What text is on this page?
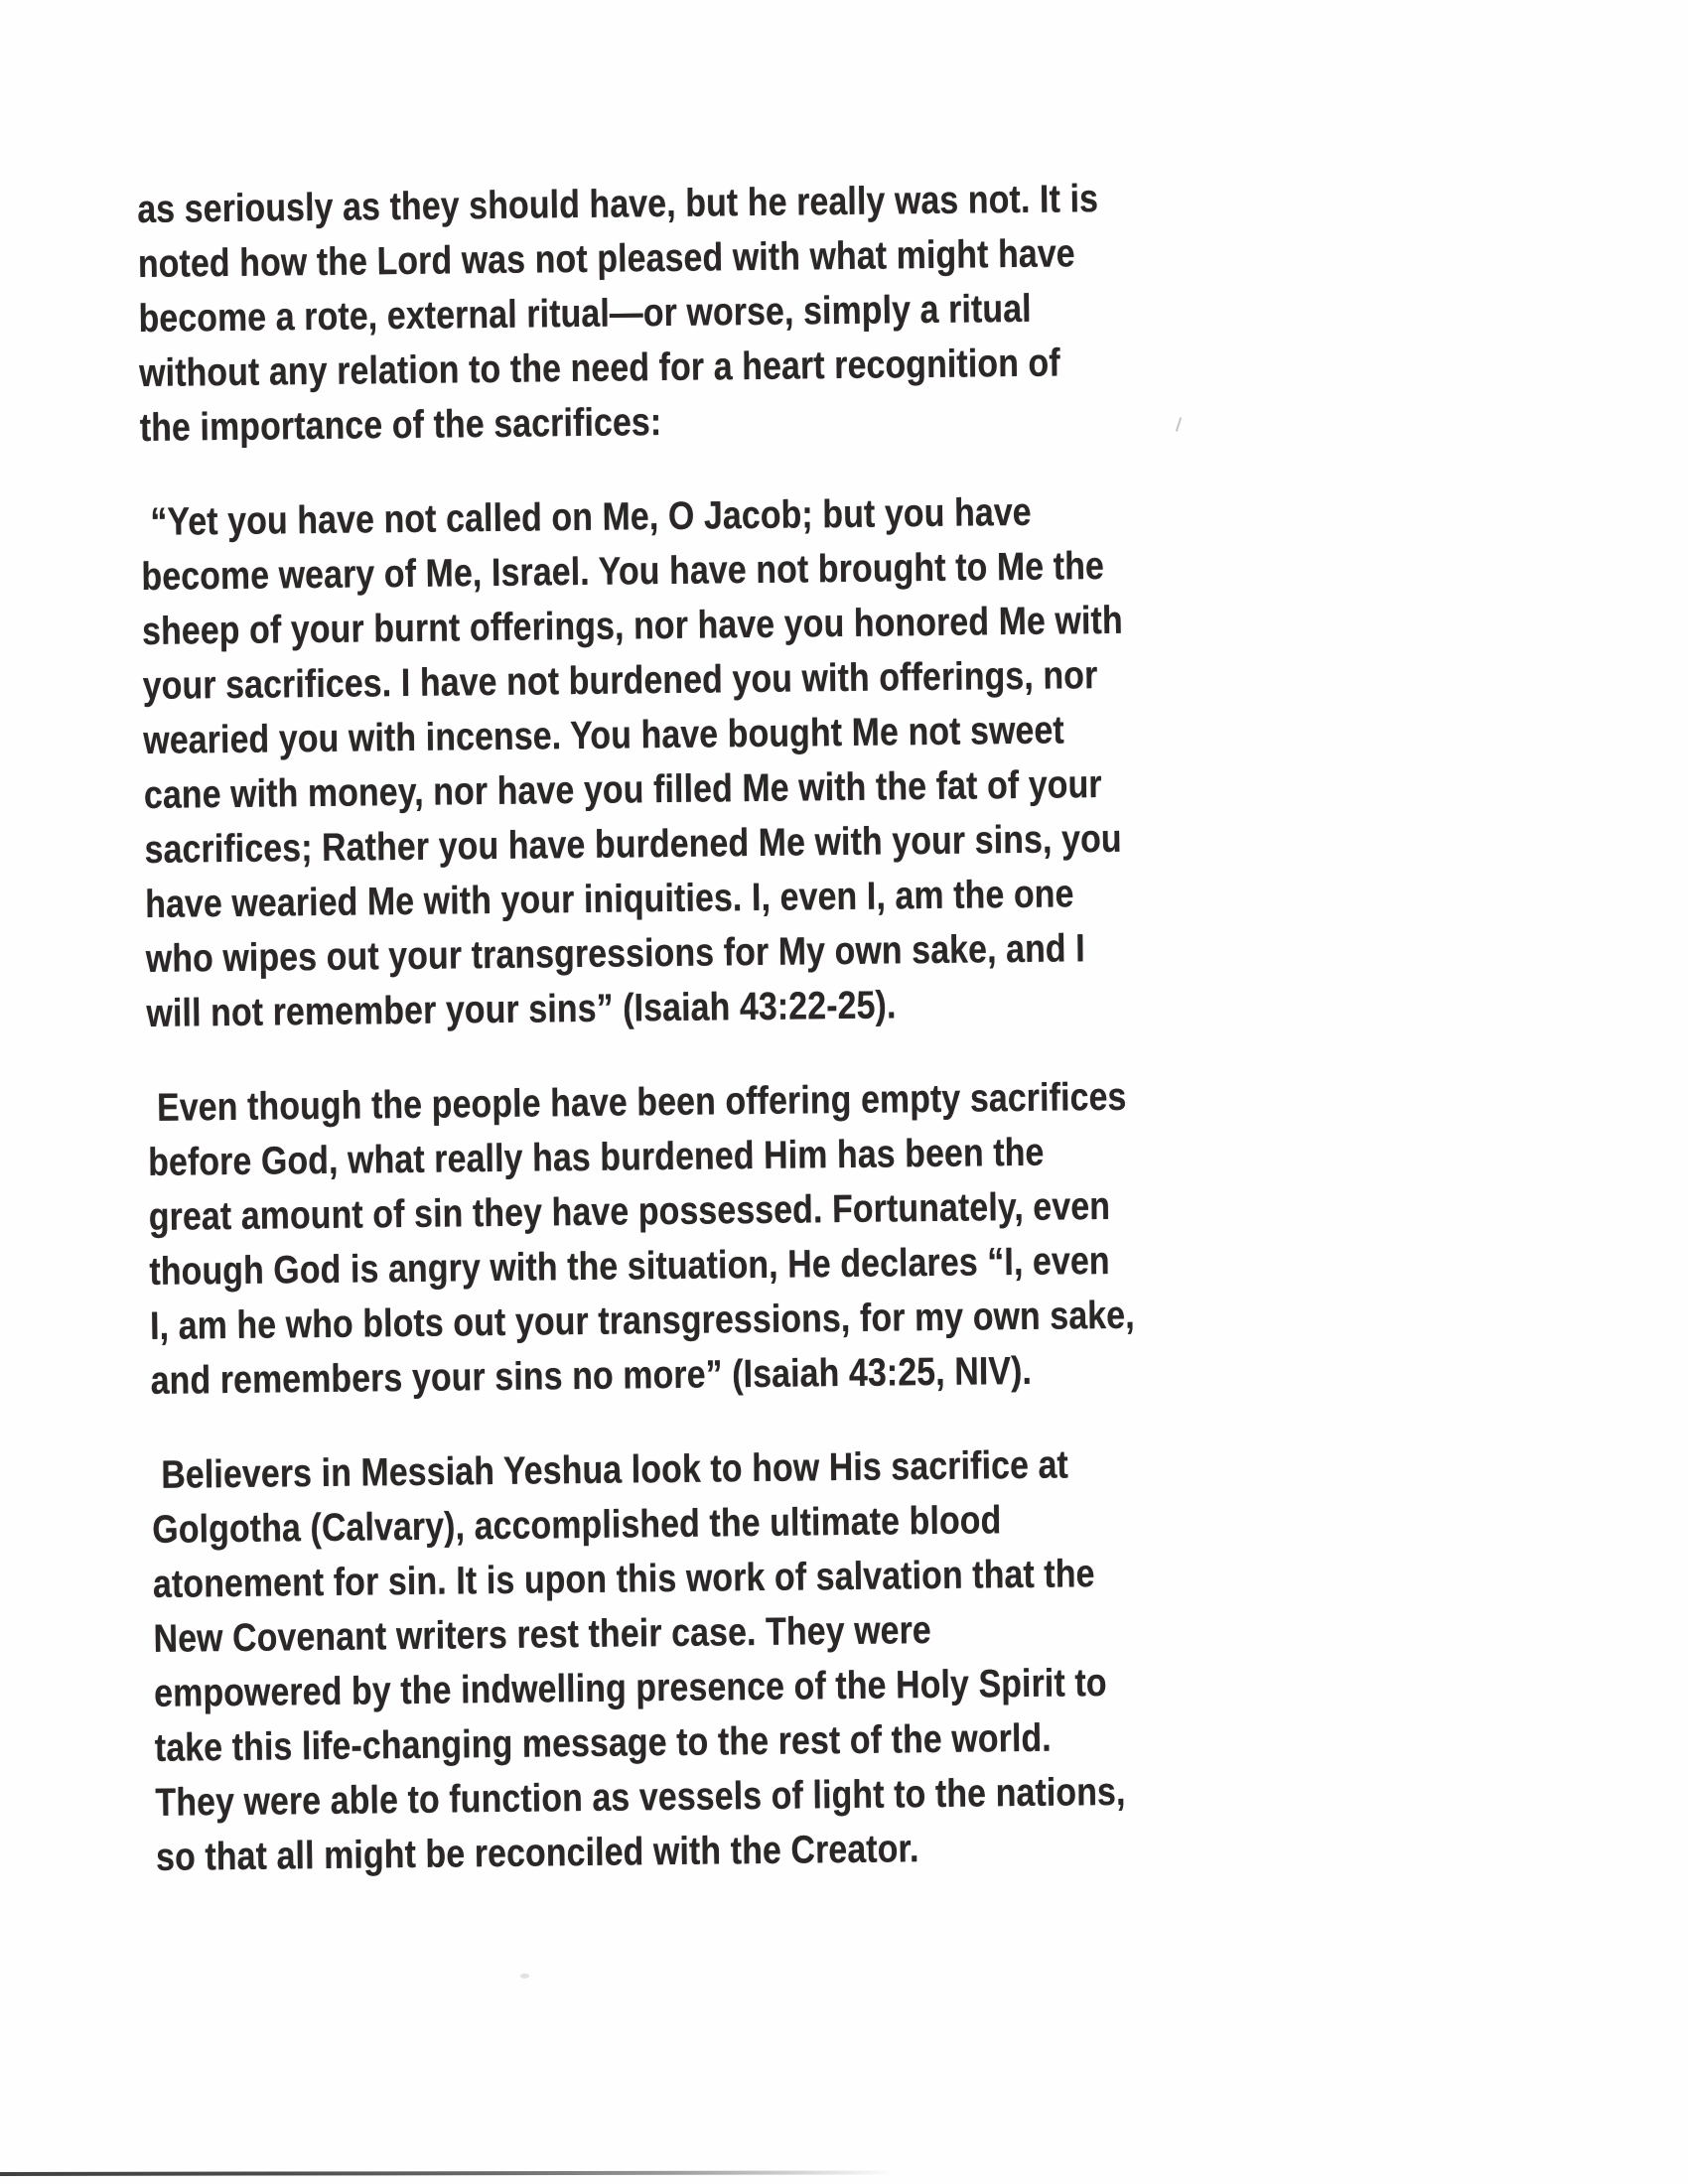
as seriously as they should have, but he really was not. It is
noted how the Lord was not pleased with what might have
become a rote, external ritual—or worse, simply a ritual
without any relation to the need for a heart recognition of
the importance of the sacrifices:
“Yet you have not called on Me, O Jacob; but you have
become weary of Me, Israel. You have not brought to Me the
sheep of your burnt offerings, nor have you honored Me with
your sacrifices. I have not burdened you with offerings, nor
wearied you with incense. You have bought Me not sweet
cane with money, nor have you filled Me with the fat of your
sacrifices; Rather you have burdened Me with your sins, you
have wearied Me with your iniquities. I, even I, am the one
who wipes out your transgressions for My own sake, and I
will not remember your sins” (Isaiah 43:22-25).
Even though the people have been offering empty sacrifices
before God, what really has burdened Him has been the
great amount of sin they have possessed. Fortunately, even
though God is angry with the situation, He declares “I, even
I, am he who blots out your transgressions, for my own sake,
and remembers your sins no more” (Isaiah 43:25, NIV).
Believers in Messiah Yeshua look to how His sacrifice at
Golgotha (Calvary), accomplished the ultimate blood
atonement for sin. It is upon this work of salvation that the
New Covenant writers rest their case. They were
empowered by the indwelling presence of the Holy Spirit to
take this life-changing message to the rest of the world.
They were able to function as vessels of light to the nations,
so that all might be reconciled with the Creator.
